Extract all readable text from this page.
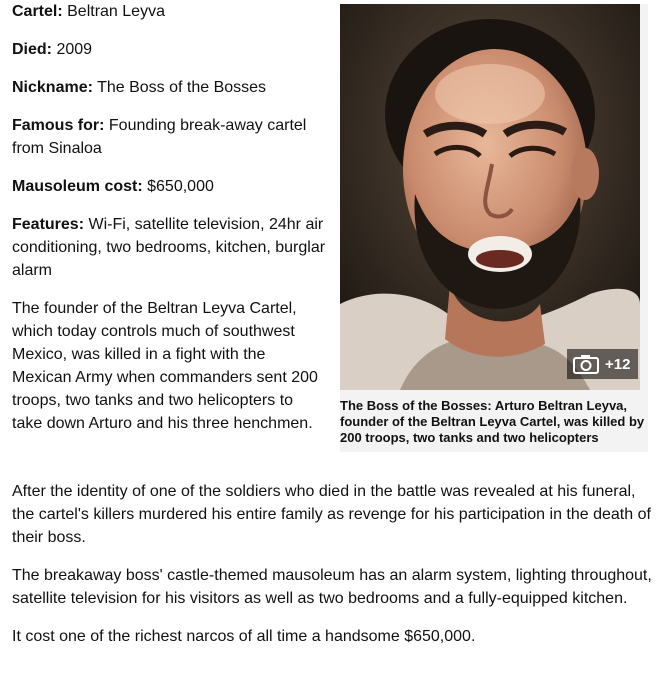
Cartel: Beltran Leyva

Died: 2009

Nickname: The Boss of the Bosses

Famous for: Founding break-away cartel from Sinaloa

Mausoleum cost: $650,000

Features: Wi-Fi, satellite television, 24hr air conditioning, two bedrooms, kitchen, burglar alarm

The founder of the Beltran Leyva Cartel, which today controls much of southwest Mexico, was killed in a fight with the Mexican Army when commanders sent 200 troops, two tanks and two helicopters to take down Arturo and his three henchmen.

+12
The Boss of the Bosses: Arturo Beltran Leyva, founder of the Beltran Leyva Cartel, was killed by 200 troops, two tanks and two helicopters

After the identity of one of the soldiers who died in the battle was revealed at his funeral, the cartel's killers murdered his entire family as revenge for his participation in the death of their boss.

The breakaway boss' castle-themed mausoleum has an alarm system, lighting throughout, satellite television for his visitors as well as two bedrooms and a fully-equipped kitchen.

It cost one of the richest narcos of all time a handsome $650,000.
